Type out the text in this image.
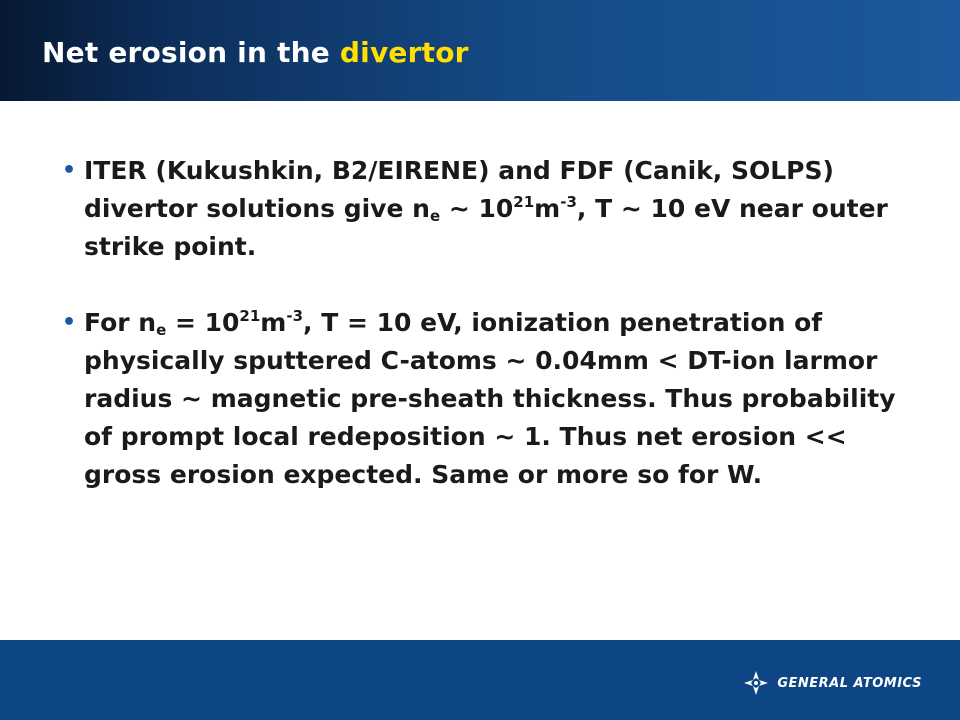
Net erosion in the divertor
• ITER (Kukushkin, B2/EIRENE) and FDF (Canik, SOLPS) divertor solutions give $n_e$ ~ $10^{21}m^{-3}$, T ~ 10 eV near outer strike point.
• For $n_e = 10^{21}m^{-3}$, T = 10 eV, ionization penetration of physically sputtered C-atoms ~ 0.04mm < DT-ion larmor radius ~ magnetic pre-sheath thickness. Thus probability of prompt local redeposition ~ 1. Thus net erosion << gross erosion expected. Same or more so for W.
GENERAL ATOMICS
